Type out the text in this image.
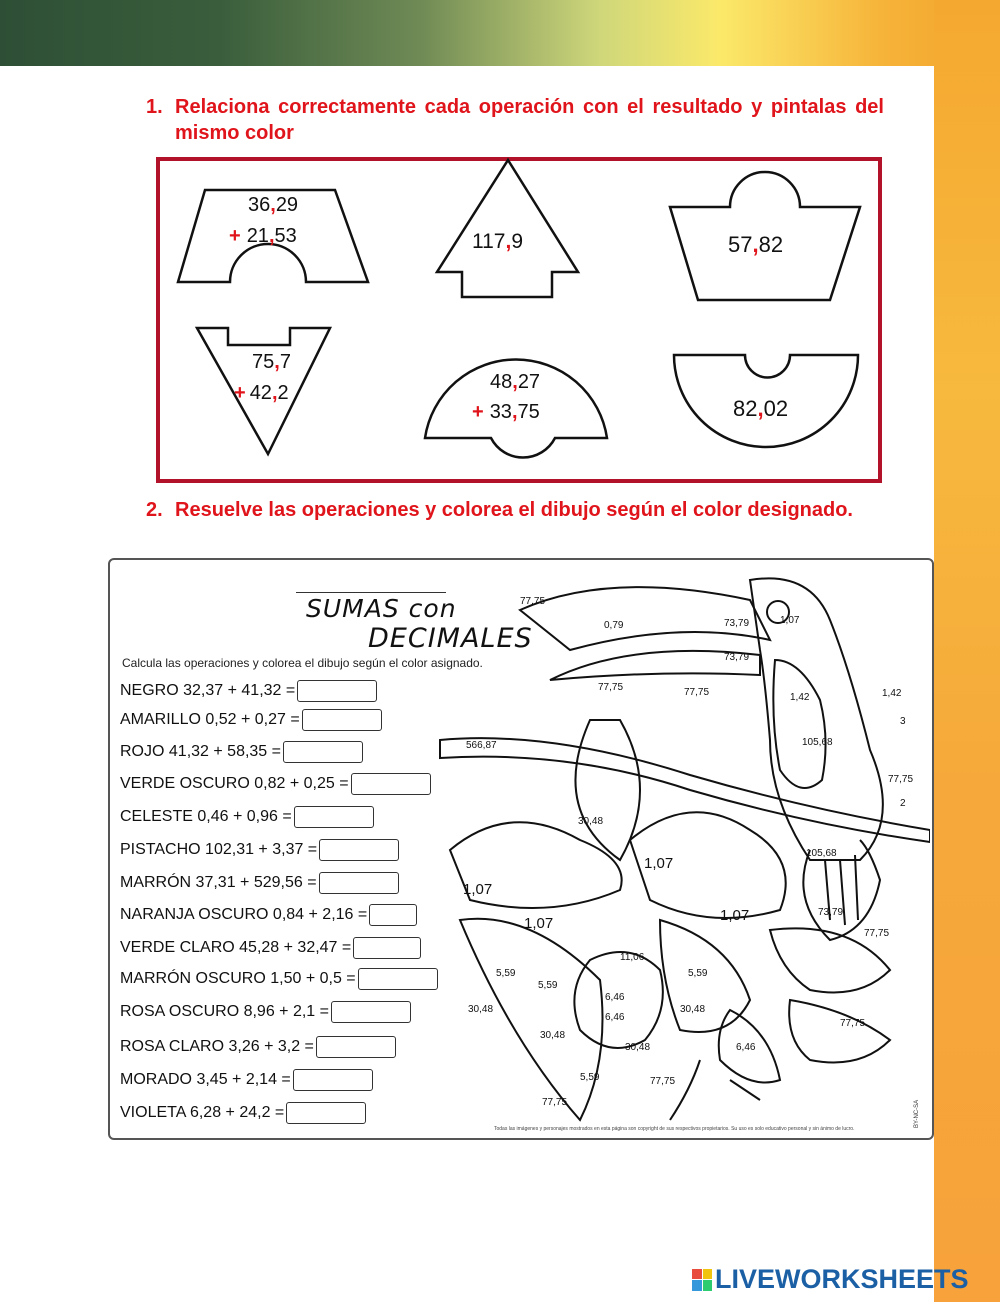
1. Relaciona correctamente cada operación con el resultado y pintalas del mismo color
36,29
+ 21,53	117,9	57,82
75,7
+ 42,2	48,27
+ 33,75	82,02
2. Resuelve las operaciones y colorea el dibujo según el color designado.
SUMAS con
DECIMALES
Calcula las operaciones y colorea el dibujo según el color asignado.
NEGRO 32,37 + 41,32 =
AMARILLO 0,52 + 0,27 =
ROJO 41,32 + 58,35 =
VERDE OSCURO 0,82 + 0,25 =
CELESTE 0,46 + 0,96 =
PISTACHO 102,31 + 3,37 =
MARRÓN 37,31 + 529,56 =
NARANJA OSCURO 0,84 + 2,16 =
VERDE CLARO 45,28 + 32,47 =
MARRÓN OSCURO 1,50 + 0,5 =
ROSA OSCURO 8,96 + 2,1 =
ROSA CLARO 3,26 + 3,2 =
MORADO 3,45 + 2,14 =
VIOLETA 6,28 + 24,2 =
73,79
0,79
73,79
1,07
1,42
105,68
1,42
3
77,75
2
566,87
30,48
77,75	77,75
105,68
73,79
77,75
77,75
6,46
77,75
6,46
6,46
30,48
5,59
5,59
5,59
30,48
30,48
30,48
5,59
11,06
77,75
77,75
1,07
1,07
1,07	1,07
BY-NC-SA
Todas las imágenes y personajes mostrados en esta página son copyright de sus respectivos propietarios. Su uso es solo educativo personal y sin ánimo de lucro.
LIVEWORKSHEETS
